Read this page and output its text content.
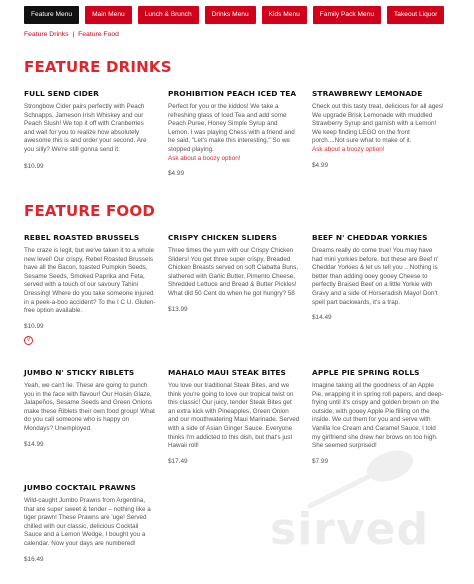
Feature Menu	Main Menu	Lunch & Brunch	Drinks Menu	Kids Menu	Family Pack Menu	Takeout Liquor
Feature Drinks | Feature Food
FEATURE DRINKS
FULL SEND CIDER

Strongbow Cider pairs perfectly with Peach Schnapps, Jameson Irish Whiskey and our Peach Slush! We top it off with Cranberries and wait for you to realize how absolutely awesome this is and order your second. Are you silly? We're still gonna send it.

$10.99
PROHIBITION PEACH ICED TEA

Perfect for you or the kiddos! We take a refreshing glass of Iced Tea and add some Peach Puree, Honey Simple Syrup and Lemon. I was playing Chess with a friend and he said, "Let's make this interesting." So we stopped playing.

Ask about a boozy option!

$4.99
STRAWBREWY LEMONADE

Check out this tasty treat, delicious for all ages! We upgrade Brisk Lemonade with muddled Strawberry Syrup and garnish with a Lemon! We keep finding LEGO on the front porch....Not sure what to make of it.

Ask about a boozy option!

$4.99
FEATURE FOOD
REBEL ROASTED BRUSSELS

The craze is legit, but we've taken it to a whole new level! Our crispy, Rebel Roasted Brussels have all the Bacon, toasted Pumpkin Seeds, Sesame Seeds, Smoked Paprika and Feta, served with a touch of our savoury Tahini Dressing! Where do you take someone injured in a peek-a-boo accident? To the I C U. Gluten-free option available.

$10.99
V
CRISPY CHICKEN SLIDERS

Three times the yum with our Crispy Chicken Sliders! You get three super crispy, Breaded Chicken Breasts served on soft Ciabatta Buns, slathered with Garlic Butter, Pimento Cheese, Shredded Lettuce and Bread & Butter Pickles! What did 50 Cent do when he got hungry? 58

$13.99
BEEF N' CHEDDAR YORKIES

Dreams really do come true! You may have had mini yorkies before, but these are Beef n' Cheddar Yorkies & let us tell you .. Nothing is better than adding ooey gooey Cheese to perfectly Braised Beef on a little Yorkie with Gravy and a side of Horseradish Mayo! Don't spell part backwards, it's a trap.

$14.49
JUMBO N' STICKY RIBLETS

Yeah, we can't lie. These are going to punch you in the face with flavour! Our Hoisin Glaze, Jalapeños, Sesame Seeds and Green Onions make these Riblets their own food group! What do you call someone who is happy on Mondays? Unemployed.

$14.99
MAHALO MAUI STEAK BITES

You love our traditional Steak Bites, and we think you're going to love our tropical twist on this classic! Our juicy, tender Steak Bites get an extra kick with Pineapples, Green Onion and our mouthwatering Maui Marinade. Served with a side of Asian Ginger Sauce. Everyone thinks I'm addicted to this dish, but that's just Hawaii roll!

$17.49
APPLE PIE SPRING ROLLS

Imagine taking all the goodness of an Apple Pie, wrapping it in spring roll papers, and deep-frying until it's crispy and golden brown on the outside, with gooey Apple Pie filling on the inside. We cut them for you and serve with Vanilla Ice Cream and Caramel Sauce. I told my girlfriend she drew her brows on too high. She seemed surprised!

$7.99
JUMBO COCKTAIL PRAWNS

Wild-caught Jumbo Prawns from Argentina, that are super sweet & tender – nothing like a tiger prawn! These Prawns are 'uge! Served chilled with our classic, delicious Cocktail Sauce and a Lemon Wedge. I bought you a calendar. Now your days are numbered!

$16.49
sirved
